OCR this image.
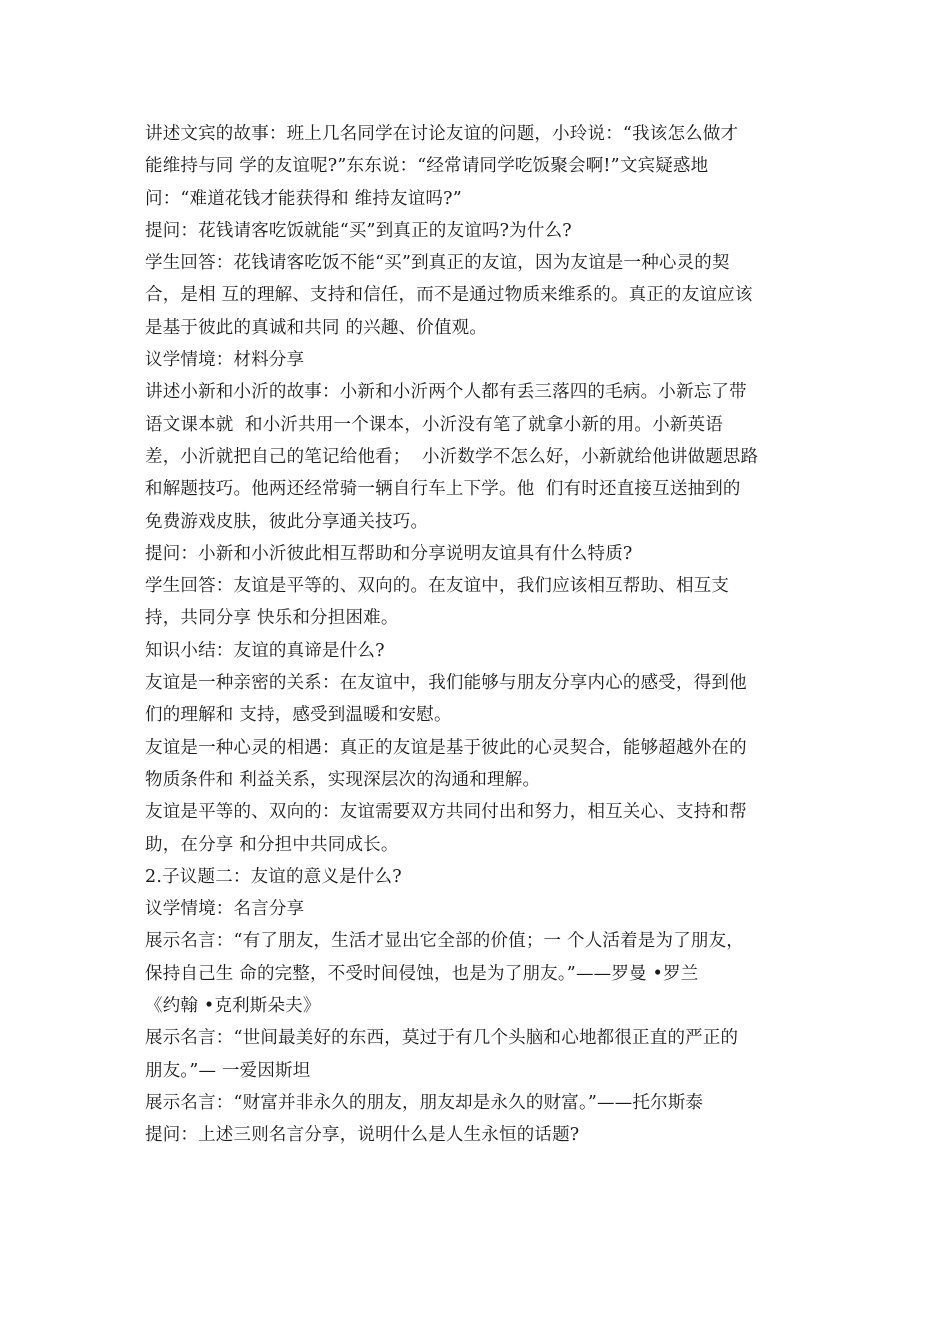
讲述文宾的故事：班上几名同学在讨论友谊的问题，小玲说：“我该怎么做才
能维持与同 学的友谊呢?”东东说：“经常请同学吃饭聚会啊!”文宾疑惑地
问：“难道花钱才能获得和 维持友谊吗?”
提问：花钱请客吃饭就能“买”到真正的友谊吗?为什么?
学生回答：花钱请客吃饭不能“买”到真正的友谊，因为友谊是一种心灵的契
合，是相 互的理解、支持和信任，而不是通过物质来维系的。真正的友谊应该
是基于彼此的真诚和共同 的兴趣、价值观。
议学情境：材料分享
讲述小新和小沂的故事：小新和小沂两个人都有丢三落四的毛病。小新忘了带
语文课本就  和小沂共用一个课本，小沂没有笔了就拿小新的用。小新英语
差，小沂就把自己的笔记给他看；  小沂数学不怎么好，小新就给他讲做题思路
和解题技巧。他两还经常骑一辆自行车上下学。他  们有时还直接互送抽到的
免费游戏皮肤，彼此分享通关技巧。
提问：小新和小沂彼此相互帮助和分享说明友谊具有什么特质?
学生回答：友谊是平等的、双向的。在友谊中，我们应该相互帮助、相互支
持，共同分享 快乐和分担困难。
知识小结：友谊的真谛是什么?
友谊是一种亲密的关系：在友谊中，我们能够与朋友分享内心的感受，得到他
们的理解和 支持，感受到温暖和安慰。
友谊是一种心灵的相遇：真正的友谊是基于彼此的心灵契合，能够超越外在的
物质条件和 利益关系，实现深层次的沟通和理解。
友谊是平等的、双向的：友谊需要双方共同付出和努力，相互关心、支持和帮
助，在分享 和分担中共同成长。
2.子议题二：友谊的意义是什么?
议学情境：名言分享
展示名言：“有了朋友，生活才显出它全部的价值；一 个人活着是为了朋友，
保持自己生 命的完整，不受时间侵蚀，也是为了朋友。”——罗曼 •罗兰
《约翰 •克利斯朵夫》
展示名言：“世间最美好的东西，莫过于有几个头脑和心地都很正直的严正的
朋友。”— 一爱因斯坦
展示名言：“财富并非永久的朋友，朋友却是永久的财富。”——托尔斯泰
提问：上述三则名言分享，说明什么是人生永恒的话题?
